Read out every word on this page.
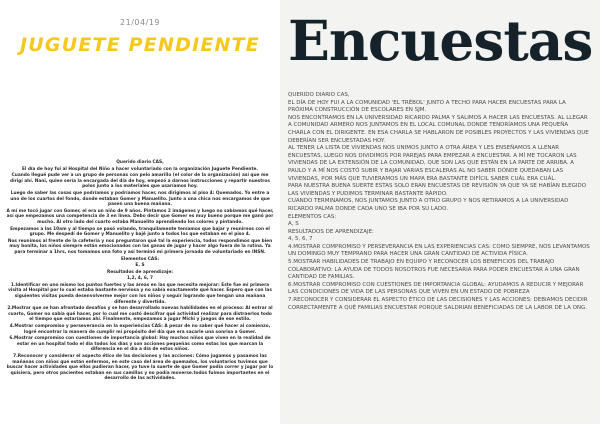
21/04/19
JUGUETE PENDIENTE

Querido diario CAS,

El día de hoy fui al Hospital del Niño a hacer voluntariado con la organización Juguete Pendiente.

Cuando llegué pude ver a un grupo de personas con pelo amarillo (el color de la organización) así que me dirigí ahí. Nani, quien sería la encargada del día de hoy, empezó a darnos instrucciones y repartir nuestros polos junto a los materiales que usaríamos hoy.

Luego de saber las cosas que podríamos y podríamos hacer, nos dirigimos al piso 4: Quemados. Yo entre a uno de los cuartos del fondo, donde estaban Gomer y Manuelito. Junto a una chica nos encargamos de que pasen una buena mañana.

A mí me tocó jugar con Gomer, el era un niño de 9 años. Pintamos 2 imágenes y luego no sabíamos qué hacer, así que empezamos una competencia de 3 en línea. Debo decir que Gomer es muy bueno porque me ganó por mucho. Al otro lado del cuarto estaba Manuelito aprendiendo los colores y pintando.

Empezamos a las 10am y al tiempo se pasó volando, tranquilamente teníamos que bajar y reunirnos con el grupo. Me despedí de Gomer y Manuelito y bajé junto a todos los que estaban en el piso 4.

Nos reunimos al frente de la cafetería y nos preguntaron qué tal la experiencia, todos respondimos que bien muy bonita, los niños siempre están emocionados con las ganas de jugar y hacer algo fuera de la rutina. Ya para terminar a 1hrs, nos tomamos una foto y así terminó mi primera jornada de voluntariado en INSN.

Elementos CAS:

E, S

Resultados de aprendizaje:

1,2, 4, 6, 7

1.Identificar en uno mismo los puntos fuertes y las áreas en las que necesita mejorar: Este fue mi primera visita al Hospital por lo cual estaba bastante nerviosa y no sabía exactamente qué hacer. Espero que con las siguientes visitas pueda desenvolverme mejor con los niños y seguir logrando que tengan una mañana diferente y divertida.

2.Mostrar que se han afrontado desafíos y se han desarrollado nuevas habilidades en el proceso: Al entrar al cuarto, Gomer no sabía qué hacer, por lo cual me costó descifrar qué actividad realizar para distraerlos todo el tiempo que estaríamos ahí. Finalmente, empezamos a jugar Michi y juegos de ese estilo.

4.Mostrar compromiso y perseverancia en la experiencias CAS: A pesar de no saber qué hacer al comienzo, logré encontrar la manera de cumplir mi propósito del día que era sacarle una sonrisa a Gomer.

6.Mostrar compromiso con cuestiones de importancia global: Hay muchos niños que viven en la realidad de estar en un hospital todo el día todos los días y son acciones pequeñas como estas los que marcan la diferencia en el día a día de estos niños.

7.Reconocer y considerar el aspecto ético de las decisiones y las acciones: Cómo jugamos y pasamos las mañanas con niños que están enfermos, en este caso del área de quemados, los voluntarios tuvimos que buscar hacer actividades que ellos pudieran hacer, yo tuve la suerte de que Gomer podía correr y jugar por lo quisiera, pero otros pacientes estaban en sus camillas y no podía moverse.todos fuimos importantes en el desarrollo de las actividades.

Encuestas

QUERIDO DIARIO CAS,

EL DÍA DE HOY FUI A LA COMUNIDAD 'EL TRÉBOL' JUNTO A TECHO PARA HACER ENCUESTAS PARA LA PRÓXIMA CONSTRUCCIÓN DE ESCOLARES EN SJM.

NOS ENCONTRAMOS EN LA UNIVERSIDAD RICARDO PALMA Y SALIMOS A HACER LAS ENCUESTAS. AL LLEGAR A COMUNIDAD ARMERO NOS JUNTAMOS EN EL LOCAL COMUNAL DONDE TENDRÍAMOS UNA PEQUEÑA CHARLA CON EL DIRIGENTE. EN ESA CHARLA SE HABLARON DE POSIBLES PROYECTOS Y LAS VIVIENDAS QUE DEBERÍAN SER ENCUESTADAS HOY.

AL TENER LA LISTA DE VIVIENDAS NOS UNIMOS JUNTO A OTRA ÁREA Y LES ENSEÑAMOS A LLENAR ENCUESTAS, LUEGO NOS DIVIDIMOS POR PAREJAS PARA EMPEZAR A ENCUESTAR. A MÍ ME TOCARON LAS VIVIENDAS DE LA EXTENSIÓN DE LA COMUNIDAD, QUE SON LAS QUE ESTÁN EN LA PARTE DE ARRIBA. A PAULO Y A MÍ NOS COSTÓ SUBIR Y BAJAR VARIAS ESCALERAS AL NO SABER DÓNDE QUEDABAN LAS VIVIENDAS, POR MÁS QUE TUVIERAMOS UN MAPA ERA BASTANTE DIFÍCIL SABER CUÁL ERA CUÁL.

PARA NUESTRA BUENA SUERTE ESTAS SOLO ERAN ENCUESTAS DE REVISIÓN YA QUE YA SE HABÍAN ELEGIDO LAS VIVIENDAS Y PUDIMOS TERMINAR BASTANTE RÁPIDO.

CUANDO TERMINAMOS, NOS JUNTAMOS JUNTO A OTRO GRUPO Y NOS RETIRAMOS A LA UNIVERSIDAD RICARDO PALMA DONDE CADA UNO SE IBA POR SU LADO.

ELEMENTOS CAS:

A, S

RESULTADOS DE APRENDIZAJE:

4, 5, 6, 7

4.MOSTRAR COMPROMISO Y PERSEVERANCIA EN LAS EXPERIENCIAS CAS: COMO SIEMPRE, NOS LEVANTAMOS UN DOMINGO MUY TEMPRANO PARA HACER UNA GRAN CANTIDAD DE ACTIVIDA FÍSICA.

5.MOSTRAR HABILIDADES DE TRABAJO EN EQUIPO Y RECONOCER LOS BENEFICIOS DEL TRABAJO COLABORATIVO: LA AYUDA DE TODOS NOSOTROS FUE NECESARIA PARA PODER ENCUESTAR A UNA GRAN CANTIDAD DE FAMILIAS.

6.MOSTRAR COMPROMISO CON CUESTIONES DE IMPORTANCIA GLOBAL: AYUDAMOS A REDUCIR Y MEJORAR LAS CONDICIONES DE VIDA DE LAS PERSONAS QUE VIVEN EN UN ESTADO DE POBREZA

7.RECONOCER Y CONSIDERAR EL ASPECTO ÉTICO DE LAS DECISIONES Y LAS ACCIONES: DEBIAMOS DECIDIR CORRECTAMENTE A QUÉ FAMILIAS ENCUESTAR PORQUE SALDRIAN BENEFICIADAS DE LA LABOR DE LA ONG.
